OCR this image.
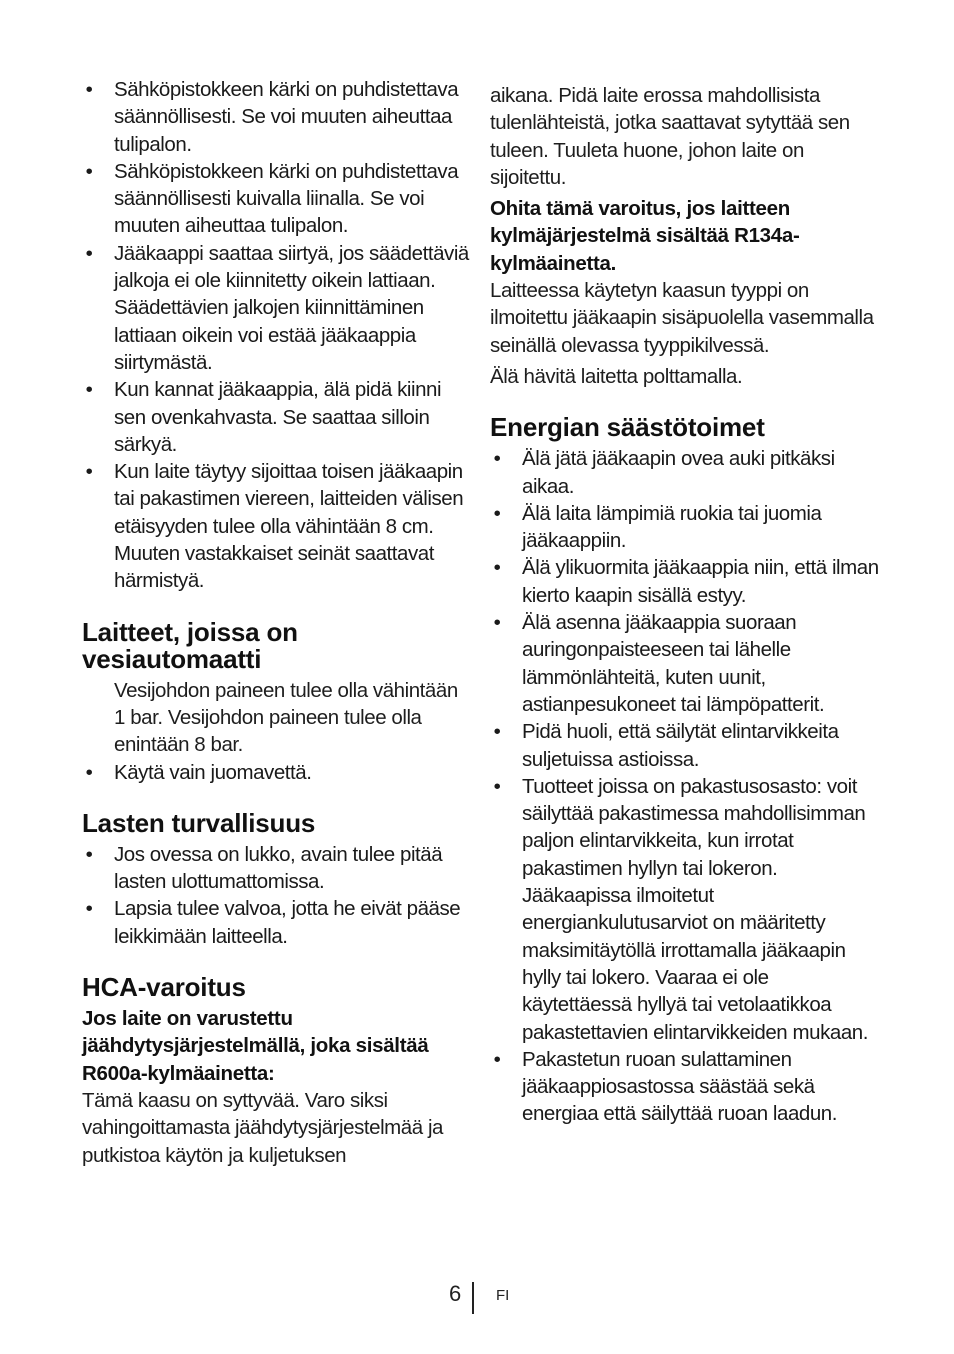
• Sähköpistokkeen kärki on puhdistettava säännöllisesti. Se voi muuten aiheuttaa tulipalon.
• Sähköpistokkeen kärki on puhdistettava säännöllisesti kuivalla liinalla. Se voi muuten aiheuttaa tulipalon.
• Jääkaappi saattaa siirtyä, jos säädettäviä jalkoja ei ole kiinnitetty oikein lattiaan. Säädettävien jalkojen kiinnittäminen lattiaan oikein voi estää jääkaappia siirtymästä.
• Kun kannat jääkaappia, älä pidä kiinni sen ovenkahvasta. Se saattaa silloin särkyä.
• Kun laite täytyy sijoittaa toisen jääkaapin tai pakastimen viereen, laitteiden välisen etäisyyden tulee olla vähintään 8 cm. Muuten vastakkaiset seinät saattavat härmistyä.
Laitteet, joissa on vesiautomaatti

Vesijohdon paineen tulee olla vähintään 1 bar. Vesijohdon paineen tulee olla enintään 8 bar.

• Käytä vain juomavettä.
Lasten turvallisuus
• Jos ovessa on lukko, avain tulee pitää lasten ulottumattomissa.
• Lapsia tulee valvoa, jotta he eivät pääse leikkimään laitteella.
HCA-varoitus

Jos laite on varustettu jäähdytysjärjestelmällä, joka sisältää R600a-kylmäainetta:

Tämä kaasu on syttyvää. Varo siksi vahingoittamasta jäähdytysjärjestelmää ja putkistoa käytön ja kuljetuksen

aikana. Pidä laite erossa mahdollisista tulenlähteistä, jotka saattavat sytyttää sen tuleen. Tuuleta huone, johon laite on sijoitettu.

Ohita tämä varoitus, jos laitteen kylmäjärjestelmä sisältää R134a-kylmäainetta.

Laitteessa käytetyn kaasun tyyppi on ilmoitettu jääkaapin sisäpuolella vasemmalla seinällä olevassa tyyppikilvessä.

Älä hävitä laitetta polttamalla.

Energian säästötoimet
• Älä jätä jääkaapin ovea auki pitkäksi aikaa.
• Älä laita lämpimiä ruokia tai juomia jääkaappiin.
• Älä ylikuormita jääkaappia niin, että ilman kierto kaapin sisällä estyy.
• Älä asenna jääkaappia suoraan auringonpaisteeseen tai lähelle lämmönlähteitä, kuten uunit, astianpesukoneet tai lämpöpatterit.
• Pidä huoli, että säilytät elintarvikkeita suljetuissa astioissa.
• Tuotteet joissa on pakastusosasto: voit säilyttää pakastimessa mahdollisimman paljon elintarvikkeita, kun irrotat pakastimen hyllyn tai lokeron. Jääkaapissa ilmoitetut energiankulutusarviot on määritetty maksimitäytöllä irrottamalla jääkaapin hylly tai lokero. Vaaraa ei ole käytettäessä hyllyä tai vetolaatikkoa pakastettavien elintarvikkeiden mukaan.
• Pakastetun ruoan sulattaminen jääkaappiosastossa säästää sekä energiaa että säilyttää ruoan laadun.
6 FI
